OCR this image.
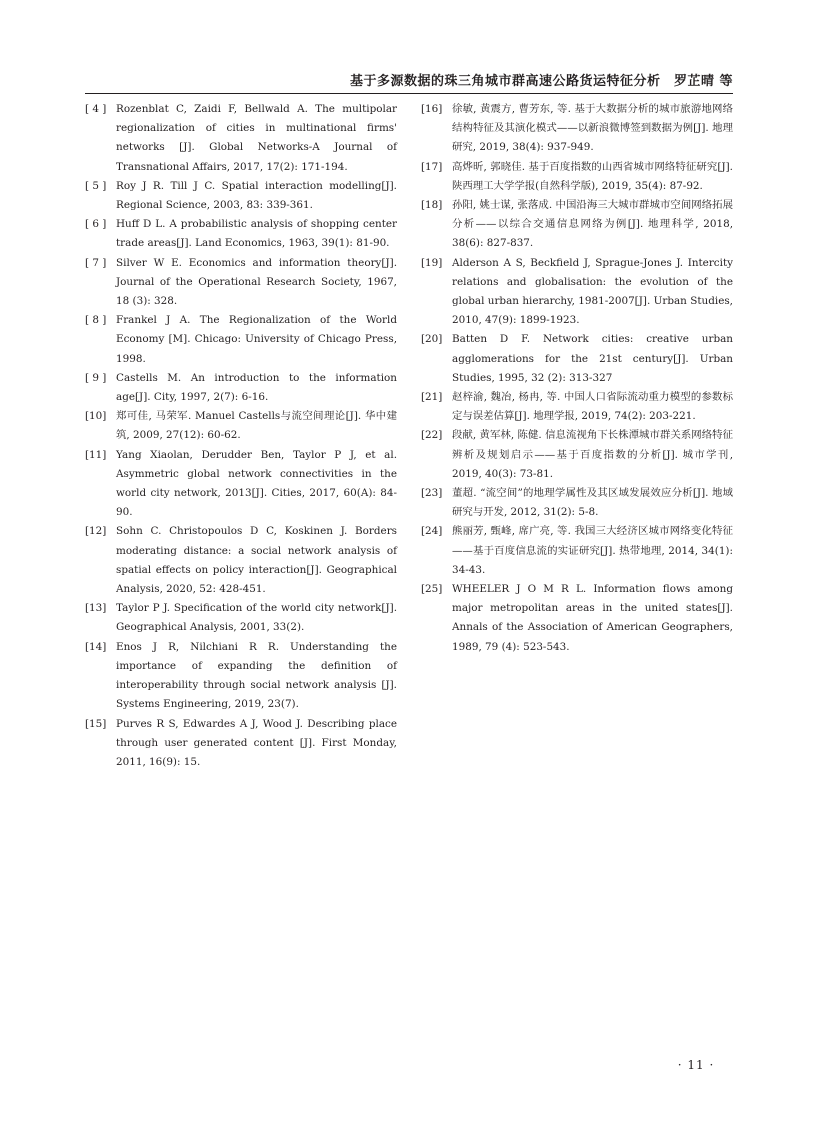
基于多源数据的珠三角城市群高速公路货运特征分析　罗芷晴 等
[ 4 ] Rozenblat C, Zaidi F, Bellwald A. The multipolar regionalization of cities in multinational firms' networks [J]. Global Networks-A Journal of Transnational Affairs, 2017, 17(2): 171-194.
[ 5 ] Roy J R. Till J C. Spatial interaction modelling[J]. Regional Science, 2003, 83: 339-361.
[ 6 ] Huff D L. A probabilistic analysis of shopping center trade areas[J]. Land Economics, 1963, 39(1): 81-90.
[ 7 ] Silver W E. Economics and information theory[J]. Journal of the Operational Research Society, 1967, 18 (3): 328.
[ 8 ] Frankel J A. The Regionalization of the World Economy [M]. Chicago: University of Chicago Press, 1998.
[ 9 ] Castells M. An introduction to the information age[J]. City, 1997, 2(7): 6-16.
[10] 郑可佳, 马荣军. Manuel Castells与流空间理论[J]. 华中建筑, 2009, 27(12): 60-62.
[11] Yang Xiaolan, Derudder Ben, Taylor P J, et al. Asymmetric global network connectivities in the world city network, 2013[J]. Cities, 2017, 60(A): 84-90.
[12] Sohn C. Christopoulos D C, Koskinen J. Borders moderating distance: a social network analysis of spatial effects on policy interaction[J]. Geographical Analysis, 2020, 52: 428-451.
[13] Taylor P J. Specification of the world city network[J]. Geographical Analysis, 2001, 33(2).
[14] Enos J R, Nilchiani R R. Understanding the importance of expanding the definition of interoperability through social network analysis [J]. Systems Engineering, 2019, 23(7).
[15] Purves R S, Edwardes A J, Wood J. Describing place through user generated content [J]. First Monday, 2011, 16(9): 15.
[16] 徐敏, 黄震方, 曹芳东, 等. 基于大数据分析的城市旅游地网络结构特征及其演化模式——以新浪微博签到数据为例[J]. 地理研究, 2019, 38(4): 937-949.
[17] 高烨昕, 郭晓佳. 基于百度指数的山西省城市网络特征研究[J]. 陕西理工大学学报(自然科学版), 2019, 35(4): 87-92.
[18] 孙阳, 姚士谋, 张落成. 中国沿海三大城市群城市空间网络拓展分析——以综合交通信息网络为例[J]. 地理科学, 2018, 38(6): 827-837.
[19] Alderson A S, Beckfield J, Sprague-Jones J. Intercity relations and globalisation: the evolution of the global urban hierarchy, 1981-2007[J]. Urban Studies, 2010, 47(9): 1899-1923.
[20] Batten D F. Network cities: creative urban agglomerations for the 21st century[J]. Urban Studies, 1995, 32 (2): 313-327
[21] 赵梓渝, 魏冶, 杨冉, 等. 中国人口省际流动重力模型的参数标定与误差估算[J]. 地理学报, 2019, 74(2): 203-221.
[22] 段献, 黄军林, 陈健. 信息流视角下长株潭城市群关系网络特征辨析及规划启示——基于百度指数的分析[J]. 城市学刊, 2019, 40(3): 73-81.
[23] 董超. “流空间”的地理学属性及其区域发展效应分析[J]. 地域研究与开发, 2012, 31(2): 5-8.
[24] 熊丽芳, 甄峰, 席广亮, 等. 我国三大经济区城市网络变化特征——基于百度信息流的实证研究[J]. 热带地理, 2014, 34(1): 34-43.
[25] WHEELER J O M R L. Information flows among major metropolitan areas in the united states[J]. Annals of the Association of American Geographers, 1989, 79 (4): 523-543.
· 11 ·
